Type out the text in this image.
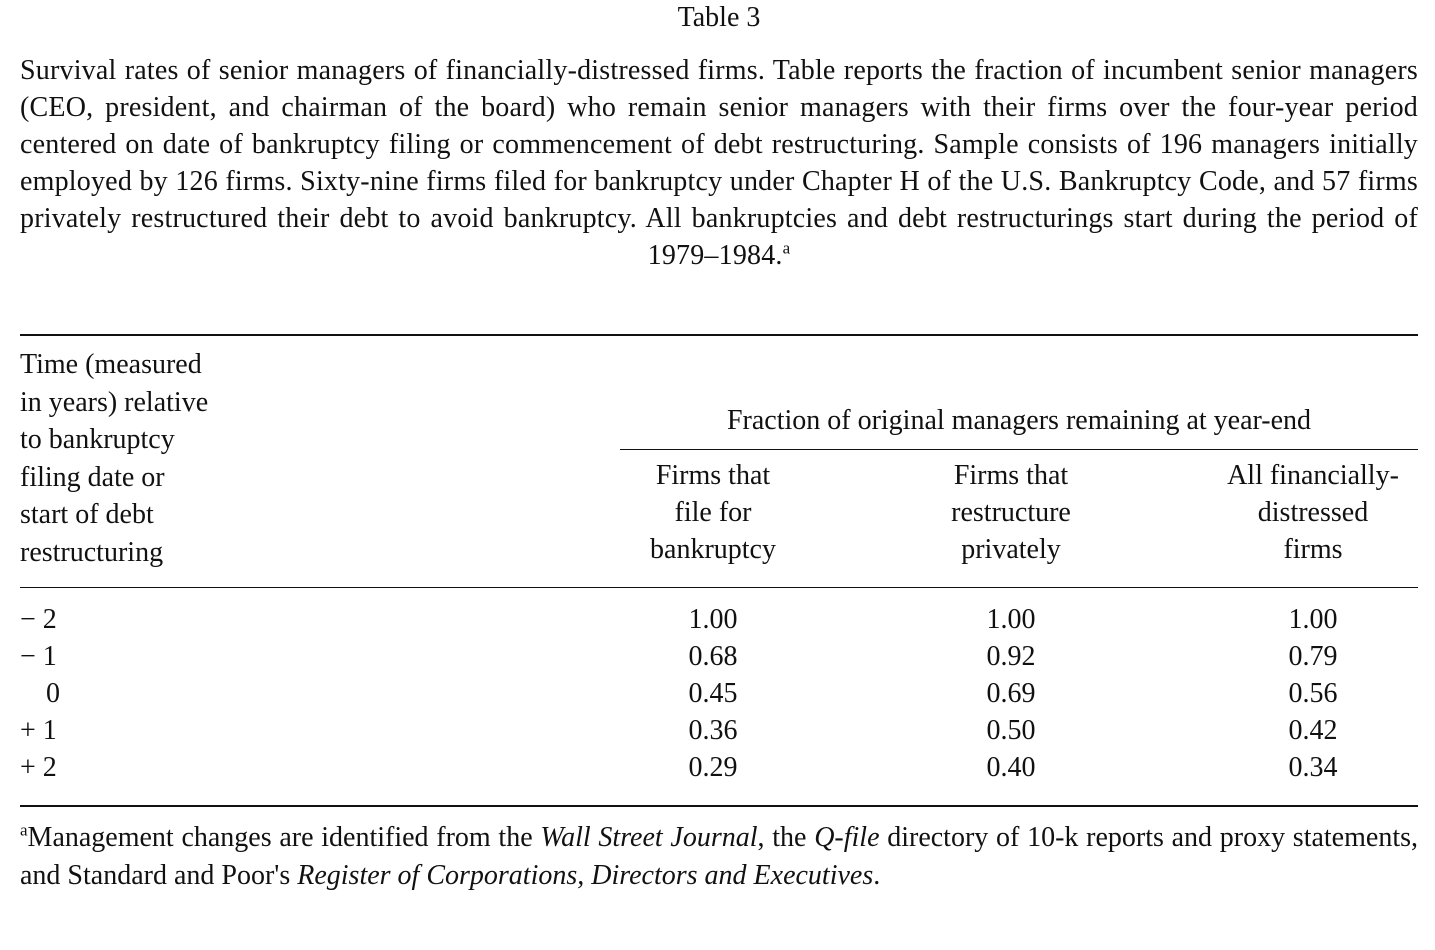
Table 3

Survival rates of senior managers of financially-distressed firms. Table reports the fraction of incumbent senior managers (CEO, president, and chairman of the board) who remain senior managers with their firms over the four-year period centered on date of bankruptcy filing or commencement of debt restructuring. Sample consists of 196 managers initially employed by 126 firms. Sixty-nine firms filed for bankruptcy under Chapter H of the U.S. Bankruptcy Code, and 57 firms privately restructured their debt to avoid bankruptcy. All bankruptcies and debt restructurings start during the period of 1979–1984.$^a$

Time (measured
in years) relative
to bankruptcy
filing date or
start of debt
restructuring
Fraction of original managers remaining at year-end
Firms that
file for
bankruptcy
Firms that
restructure
privately
All financially-
distressed
firms
− 2	1.00	1.00	1.00
− 1	0.68	0.92	0.79
0	0.45	0.69	0.56
+ 1	0.36	0.50	0.42
+ 2	0.29	0.40	0.34
$^a$Management changes are identified from the Wall Street Journal, the Q-file directory of 10-k reports and proxy statements, and Standard and Poor's Register of Corporations, Directors and Executives.
